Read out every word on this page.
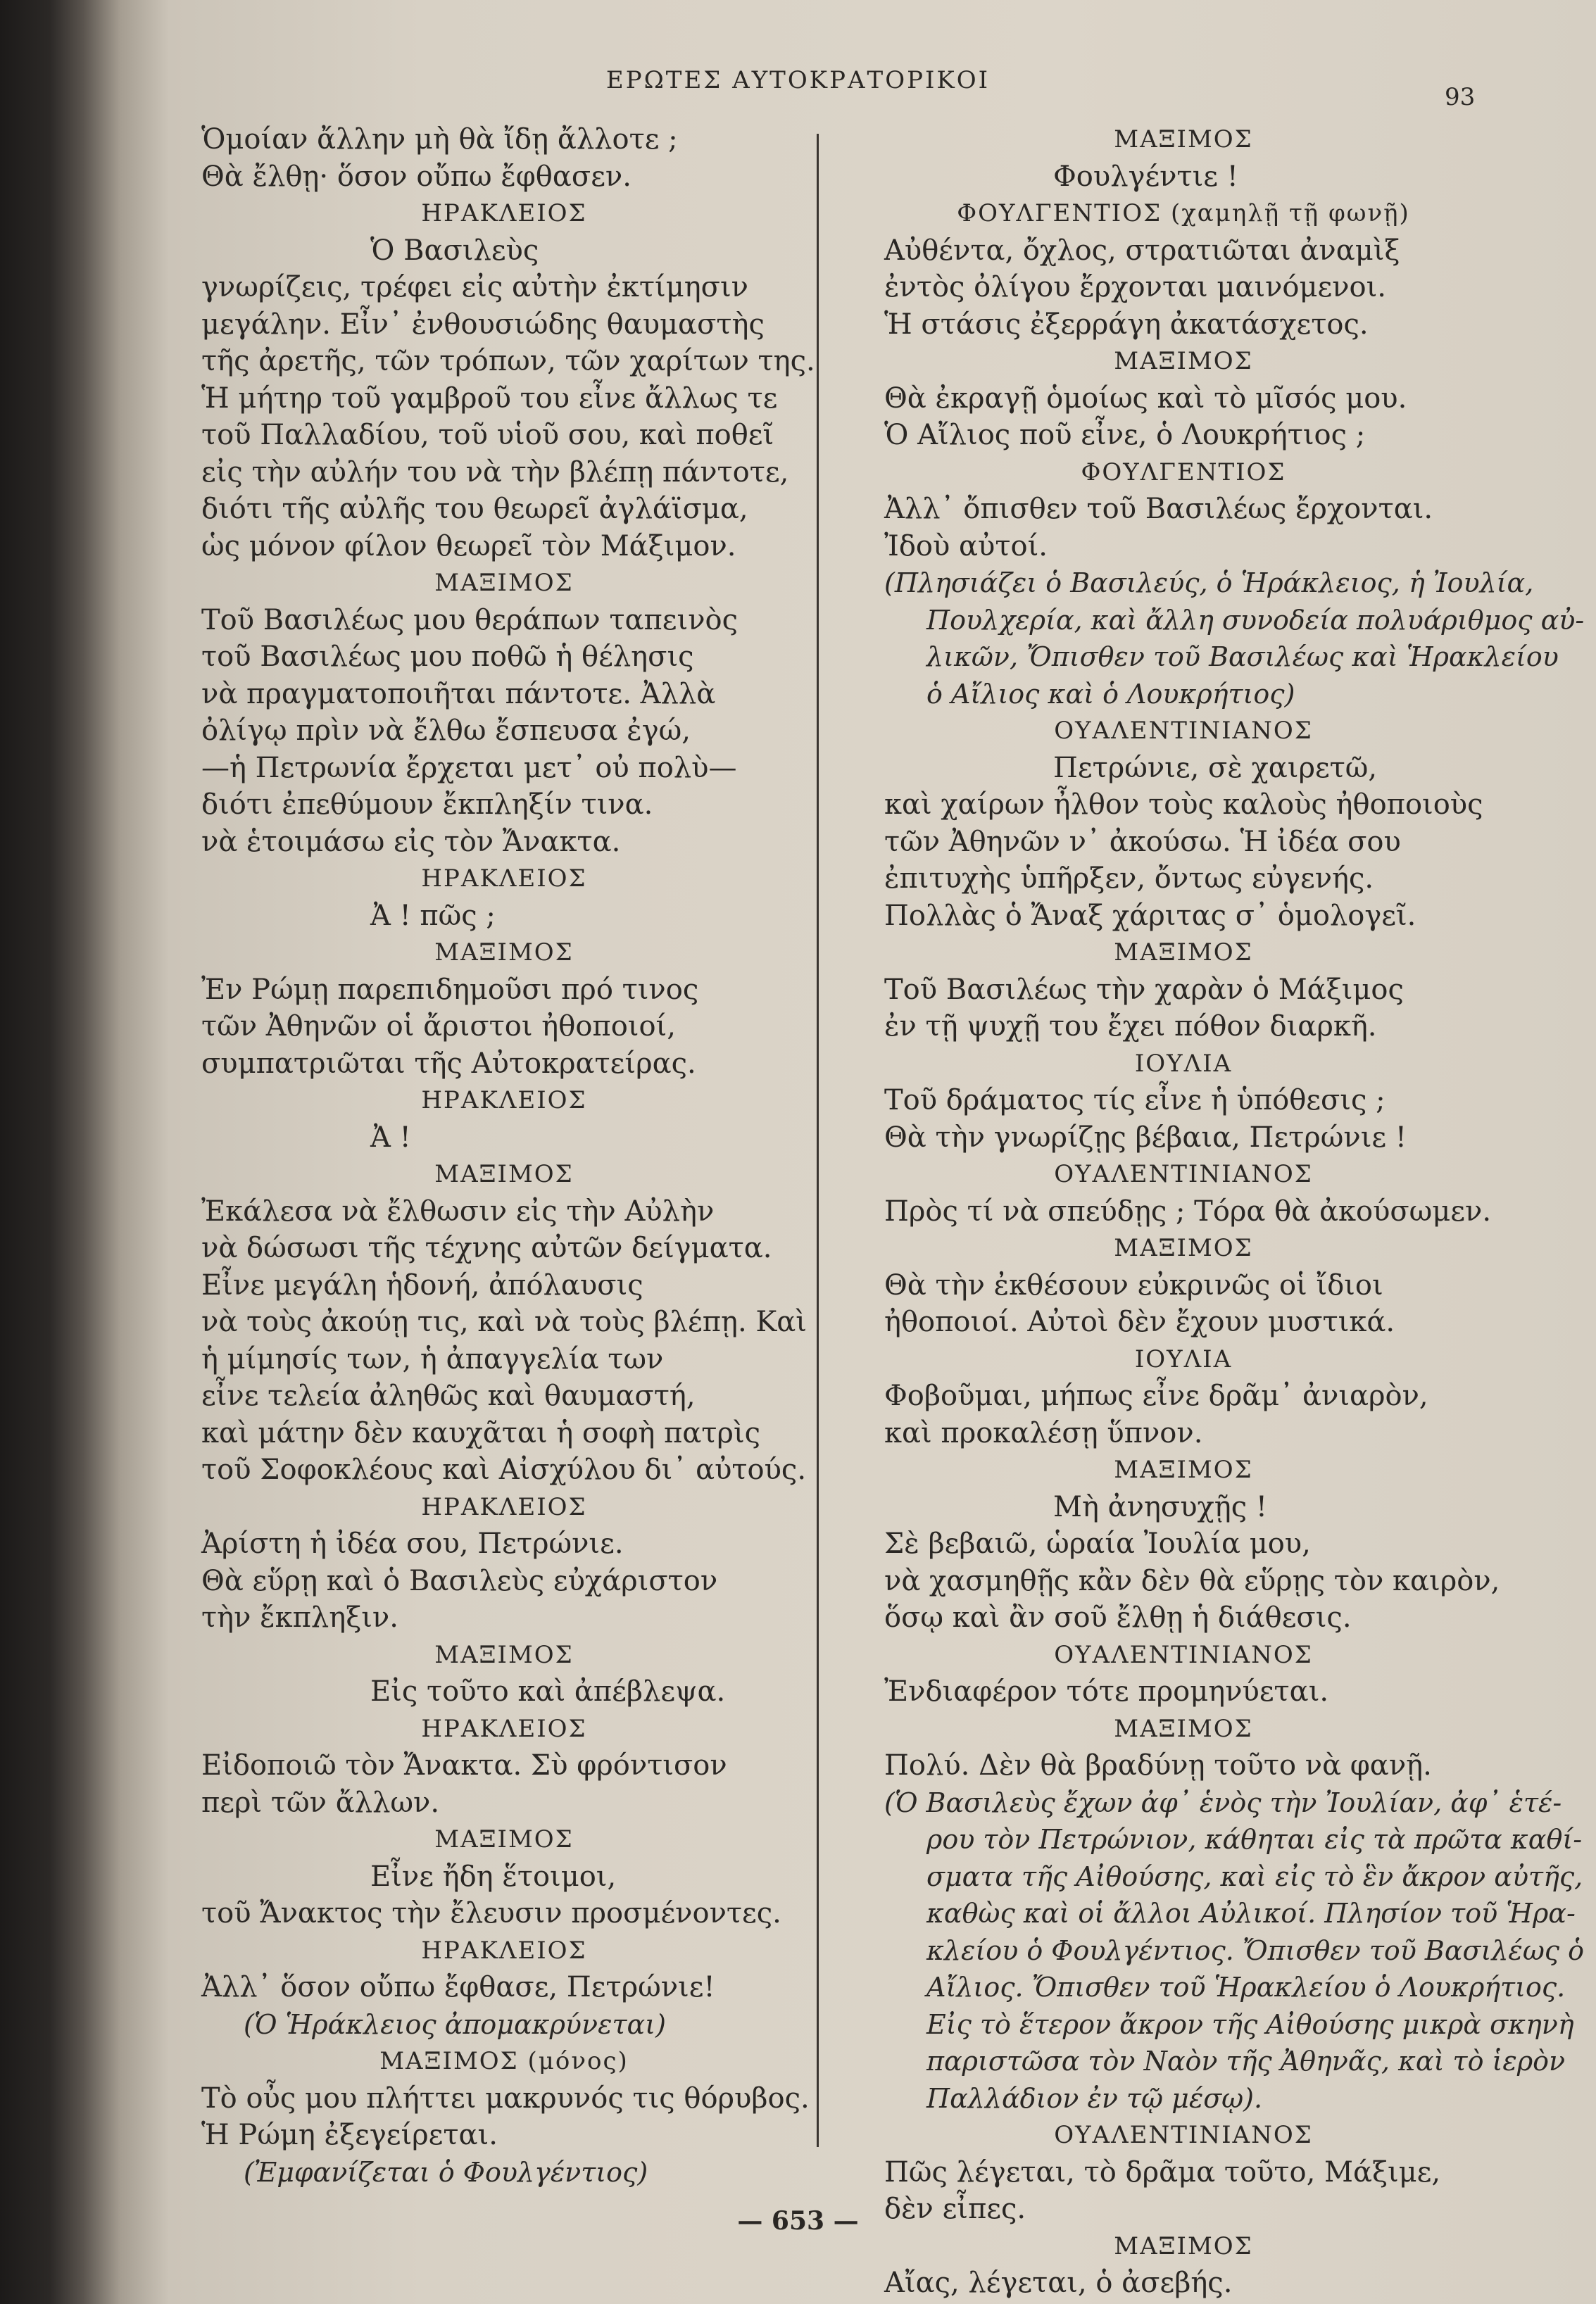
ΕΡΩΤΕΣ ΑΥΤΟΚΡΑΤΟΡΙΚΟΙ
93
Ὁμοίαν ἄλλην μὴ θὰ ἴδῃ ἄλλοτε ;
Θὰ ἔλθῃ· ὅσον οὔπω ἔφθασεν.
ΗΡΑΚΛΕΙΟΣ
Ὁ Βασιλεὺς
γνωρίζεις, τρέφει εἰς αὐτὴν ἐκτίμησιν
μεγάλην. Εἶν᾽ ἐνθουσιώδης θαυμαστὴς
τῆς ἀρετῆς, τῶν τρόπων, τῶν χαρίτων της.
Ἡ μήτηρ τοῦ γαμβροῦ του εἶνε ἄλλως τε
τοῦ Παλλαδίου, τοῦ υἱοῦ σου, καὶ ποθεῖ
εἰς τὴν αὐλήν του νὰ τὴν βλέπῃ πάντοτε,
διότι τῆς αὐλῆς του θεωρεῖ ἀγλάϊσμα,
ὡς μόνον φίλον θεωρεῖ τὸν Μάξιμον.
ΜΑΞΙΜΟΣ
Τοῦ Βασιλέως μου θεράπων ταπεινὸς
τοῦ Βασιλέως μου ποθῶ ἡ θέλησις
νὰ πραγματοποιῆται πάντοτε. Ἀλλὰ
ὀλίγῳ πρὶν νὰ ἔλθω ἔσπευσα ἐγώ,
—ἡ Πετρωνία ἔρχεται μετ᾽ οὐ πολὺ—
διότι ἐπεθύμουν ἔκπληξίν τινα.
νὰ ἑτοιμάσω εἰς τὸν Ἄνακτα.
ΗΡΑΚΛΕΙΟΣ
Ἀ ! πῶς ;
ΜΑΞΙΜΟΣ
Ἐν Ρώμῃ παρεπιδημοῦσι πρό τινος
τῶν Ἀθηνῶν οἱ ἄριστοι ἠθοποιοί,
συμπατριῶται τῆς Αὐτοκρατείρας.
ΗΡΑΚΛΕΙΟΣ
Ἀ !
ΜΑΞΙΜΟΣ
Ἐκάλεσα νὰ ἔλθωσιν εἰς τὴν Αὐλὴν
νὰ δώσωσι τῆς τέχνης αὐτῶν δείγματα.
Εἶνε μεγάλη ἡδονή, ἀπόλαυσις
νὰ τοὺς ἀκούῃ τις, καὶ νὰ τοὺς βλέπῃ. Καὶ
ἡ μίμησίς των, ἡ ἀπαγγελία των
εἶνε τελεία ἀληθῶς καὶ θαυμαστή,
καὶ μάτην δὲν καυχᾶται ἡ σοφὴ πατρὶς
τοῦ Σοφοκλέους καὶ Αἰσχύλου δι᾽ αὐτούς.
ΗΡΑΚΛΕΙΟΣ
Ἀρίστη ἡ ἰδέα σου, Πετρώνιε.
Θὰ εὕρῃ καὶ ὁ Βασιλεὺς εὐχάριστον
τὴν ἔκπληξιν.
ΜΑΞΙΜΟΣ
Εἰς τοῦτο καὶ ἀπέβλεψα.
ΗΡΑΚΛΕΙΟΣ
Εἰδοποιῶ τὸν Ἄνακτα. Σὺ φρόντισον
περὶ τῶν ἄλλων.
ΜΑΞΙΜΟΣ
Εἶνε ἤδη ἕτοιμοι,
τοῦ Ἄνακτος τὴν ἔλευσιν προσμένοντες.
ΗΡΑΚΛΕΙΟΣ
Ἀλλ᾽ ὅσον οὔπω ἔφθασε, Πετρώνιε!
(Ὁ Ἡράκλειος ἀπομακρύνεται)
ΜΑΞΙΜΟΣ (μόνος)
Τὸ οὖς μου πλήττει μακρυνός τις θόρυβος.
Ἡ Ρώμη ἐξεγείρεται.
(Ἐμφανίζεται ὁ Φουλγέντιος)
ΜΑΞΙΜΟΣ
Φουλγέντιε !
ΦΟΥΛΓΕΝΤΙΟΣ (χαμηλῇ τῇ φωνῇ)
Αὐθέντα, ὄχλος, στρατιῶται ἀναμὶξ
ἐντὸς ὀλίγου ἔρχονται μαινόμενοι.
Ἡ στάσις ἐξερράγη ἀκατάσχετος.
ΜΑΞΙΜΟΣ
Θὰ ἐκραγῇ ὁμοίως καὶ τὸ μῖσός μου.
Ὁ Αἴλιος ποῦ εἶνε, ὁ Λουκρήτιος ;
ΦΟΥΛΓΕΝΤΙΟΣ
Ἀλλ᾽ ὄπισθεν τοῦ Βασιλέως ἔρχονται.
Ἰδοὺ αὐτοί.
(Πλησιάζει ὁ Βασιλεύς, ὁ Ἡράκλειος, ἡ Ἰουλία,
Πουλχερία, καὶ ἄλλη συνοδεία πολυάριθμος αὐ-
λικῶν, Ὄπισθεν τοῦ Βασιλέως καὶ Ἡρακλείου
ὁ Αἴλιος καὶ ὁ Λουκρήτιος)
ΟΥΑΛΕΝΤΙΝΙΑΝΟΣ
Πετρώνιε, σὲ χαιρετῶ,
καὶ χαίρων ἦλθον τοὺς καλοὺς ἠθοποιοὺς
τῶν Ἀθηνῶν ν᾽ ἀκούσω. Ἡ ἰδέα σου
ἐπιτυχὴς ὑπῆρξεν, ὄντως εὐγενής.
Πολλὰς ὁ Ἄναξ χάριτας σ᾽ ὁμολογεῖ.
ΜΑΞΙΜΟΣ
Τοῦ Βασιλέως τὴν χαρὰν ὁ Μάξιμος
ἐν τῇ ψυχῇ του ἔχει πόθον διαρκῆ.
ΙΟΥΛΙΑ
Τοῦ δράματος τίς εἶνε ἡ ὑπόθεσις ;
Θὰ τὴν γνωρίζῃς βέβαια, Πετρώνιε !
ΟΥΑΛΕΝΤΙΝΙΑΝΟΣ
Πρὸς τί νὰ σπεύδῃς ; Τόρα θὰ ἀκούσωμεν.
ΜΑΞΙΜΟΣ
Θὰ τὴν ἐκθέσουν εὐκρινῶς οἱ ἴδιοι
ἠθοποιοί. Αὐτοὶ δὲν ἔχουν μυστικά.
ΙΟΥΛΙΑ
Φοβοῦμαι, μήπως εἶνε δρᾶμ᾽ ἀνιαρὸν,
καὶ προκαλέσῃ ὕπνον.
ΜΑΞΙΜΟΣ
Μὴ ἀνησυχῇς !
Σὲ βεβαιῶ, ὡραία Ἰουλία μου,
νὰ χασμηθῇς κἂν δὲν θὰ εὕρῃς τὸν καιρὸν,
ὅσῳ καὶ ἂν σοῦ ἔλθῃ ἡ διάθεσις.
ΟΥΑΛΕΝΤΙΝΙΑΝΟΣ
Ἐνδιαφέρον τότε προμηνύεται.
ΜΑΞΙΜΟΣ
Πολύ. Δὲν θὰ βραδύνῃ τοῦτο νὰ φανῇ.
(Ὁ Βασιλεὺς ἔχων ἀφ᾽ ἑνὸς τὴν Ἰουλίαν, ἀφ᾽ ἑτέ-
ρου τὸν Πετρώνιον, κάθηται εἰς τὰ πρῶτα καθί-
σματα τῆς Αἰθούσης, καὶ εἰς τὸ ἓν ἄκρον αὐτῆς,
καθὼς καὶ οἱ ἄλλοι Αὐλικοί. Πλησίον τοῦ Ἡρα-
κλείου ὁ Φουλγέντιος. Ὄπισθεν τοῦ Βασιλέως ὁ
Αἴλιος. Ὄπισθεν τοῦ Ἡρακλείου ὁ Λουκρήτιος.
Εἰς τὸ ἕτερον ἄκρον τῆς Αἰθούσης μικρὰ σκηνὴ
παριστῶσα τὸν Ναὸν τῆς Ἀθηνᾶς, καὶ τὸ ἱερὸν
Παλλάδιον ἐν τῷ μέσῳ).
ΟΥΑΛΕΝΤΙΝΙΑΝΟΣ
Πῶς λέγεται, τὸ δρᾶμα τοῦτο, Μάξιμε,
δὲν εἶπες.
ΜΑΞΙΜΟΣ
Αἴας, λέγεται, ὁ ἀσεβής.
— 653 —
